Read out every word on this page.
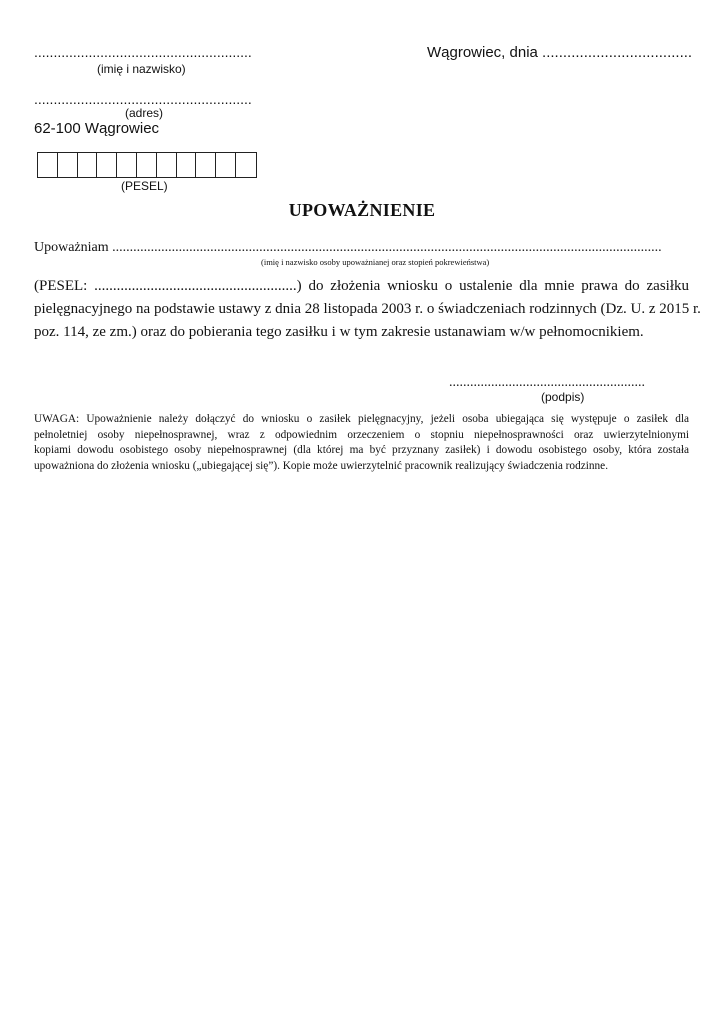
........................................................
(imię i nazwisko)
Wągrowiec, dnia ....................................
........................................................
(adres)
62-100 Wągrowiec
(PESEL)
UPOWAŻNIENIE
Upoważniam .............................................................................................................................................................
(imię i nazwisko osoby upoważnianej oraz stopień pokrewieństwa)
(PESEL: ......................................................) do złożenia wniosku o ustalenie dla mnie prawa do zasiłku
pielęgnacyjnego na podstawie ustawy z dnia 28 listopada 2003 r. o świadczeniach rodzinnych (Dz. U. z 2015 r.
poz. 114, ze zm.) oraz do pobierania tego zasiłku i w tym zakresie ustanawiam w/w pełnomocnikiem.
........................................................
(podpis)
UWAGA: Upoważnienie należy dołączyć do wniosku o zasiłek pielęgnacyjny, jeżeli osoba ubiegająca się występuje o zasiłek dla
pełnoletniej osoby niepełnosprawnej, wraz z odpowiednim orzeczeniem o stopniu niepełnosprawności oraz uwierzytelnionymi
kopiami dowodu osobistego osoby niepełnosprawnej (dla której ma być przyznany zasiłek) i dowodu osobistego osoby, która została
upoważniona do złożenia wniosku („ubiegającej się”). Kopie może uwierzytelnić pracownik realizujący świadczenia rodzinne.
